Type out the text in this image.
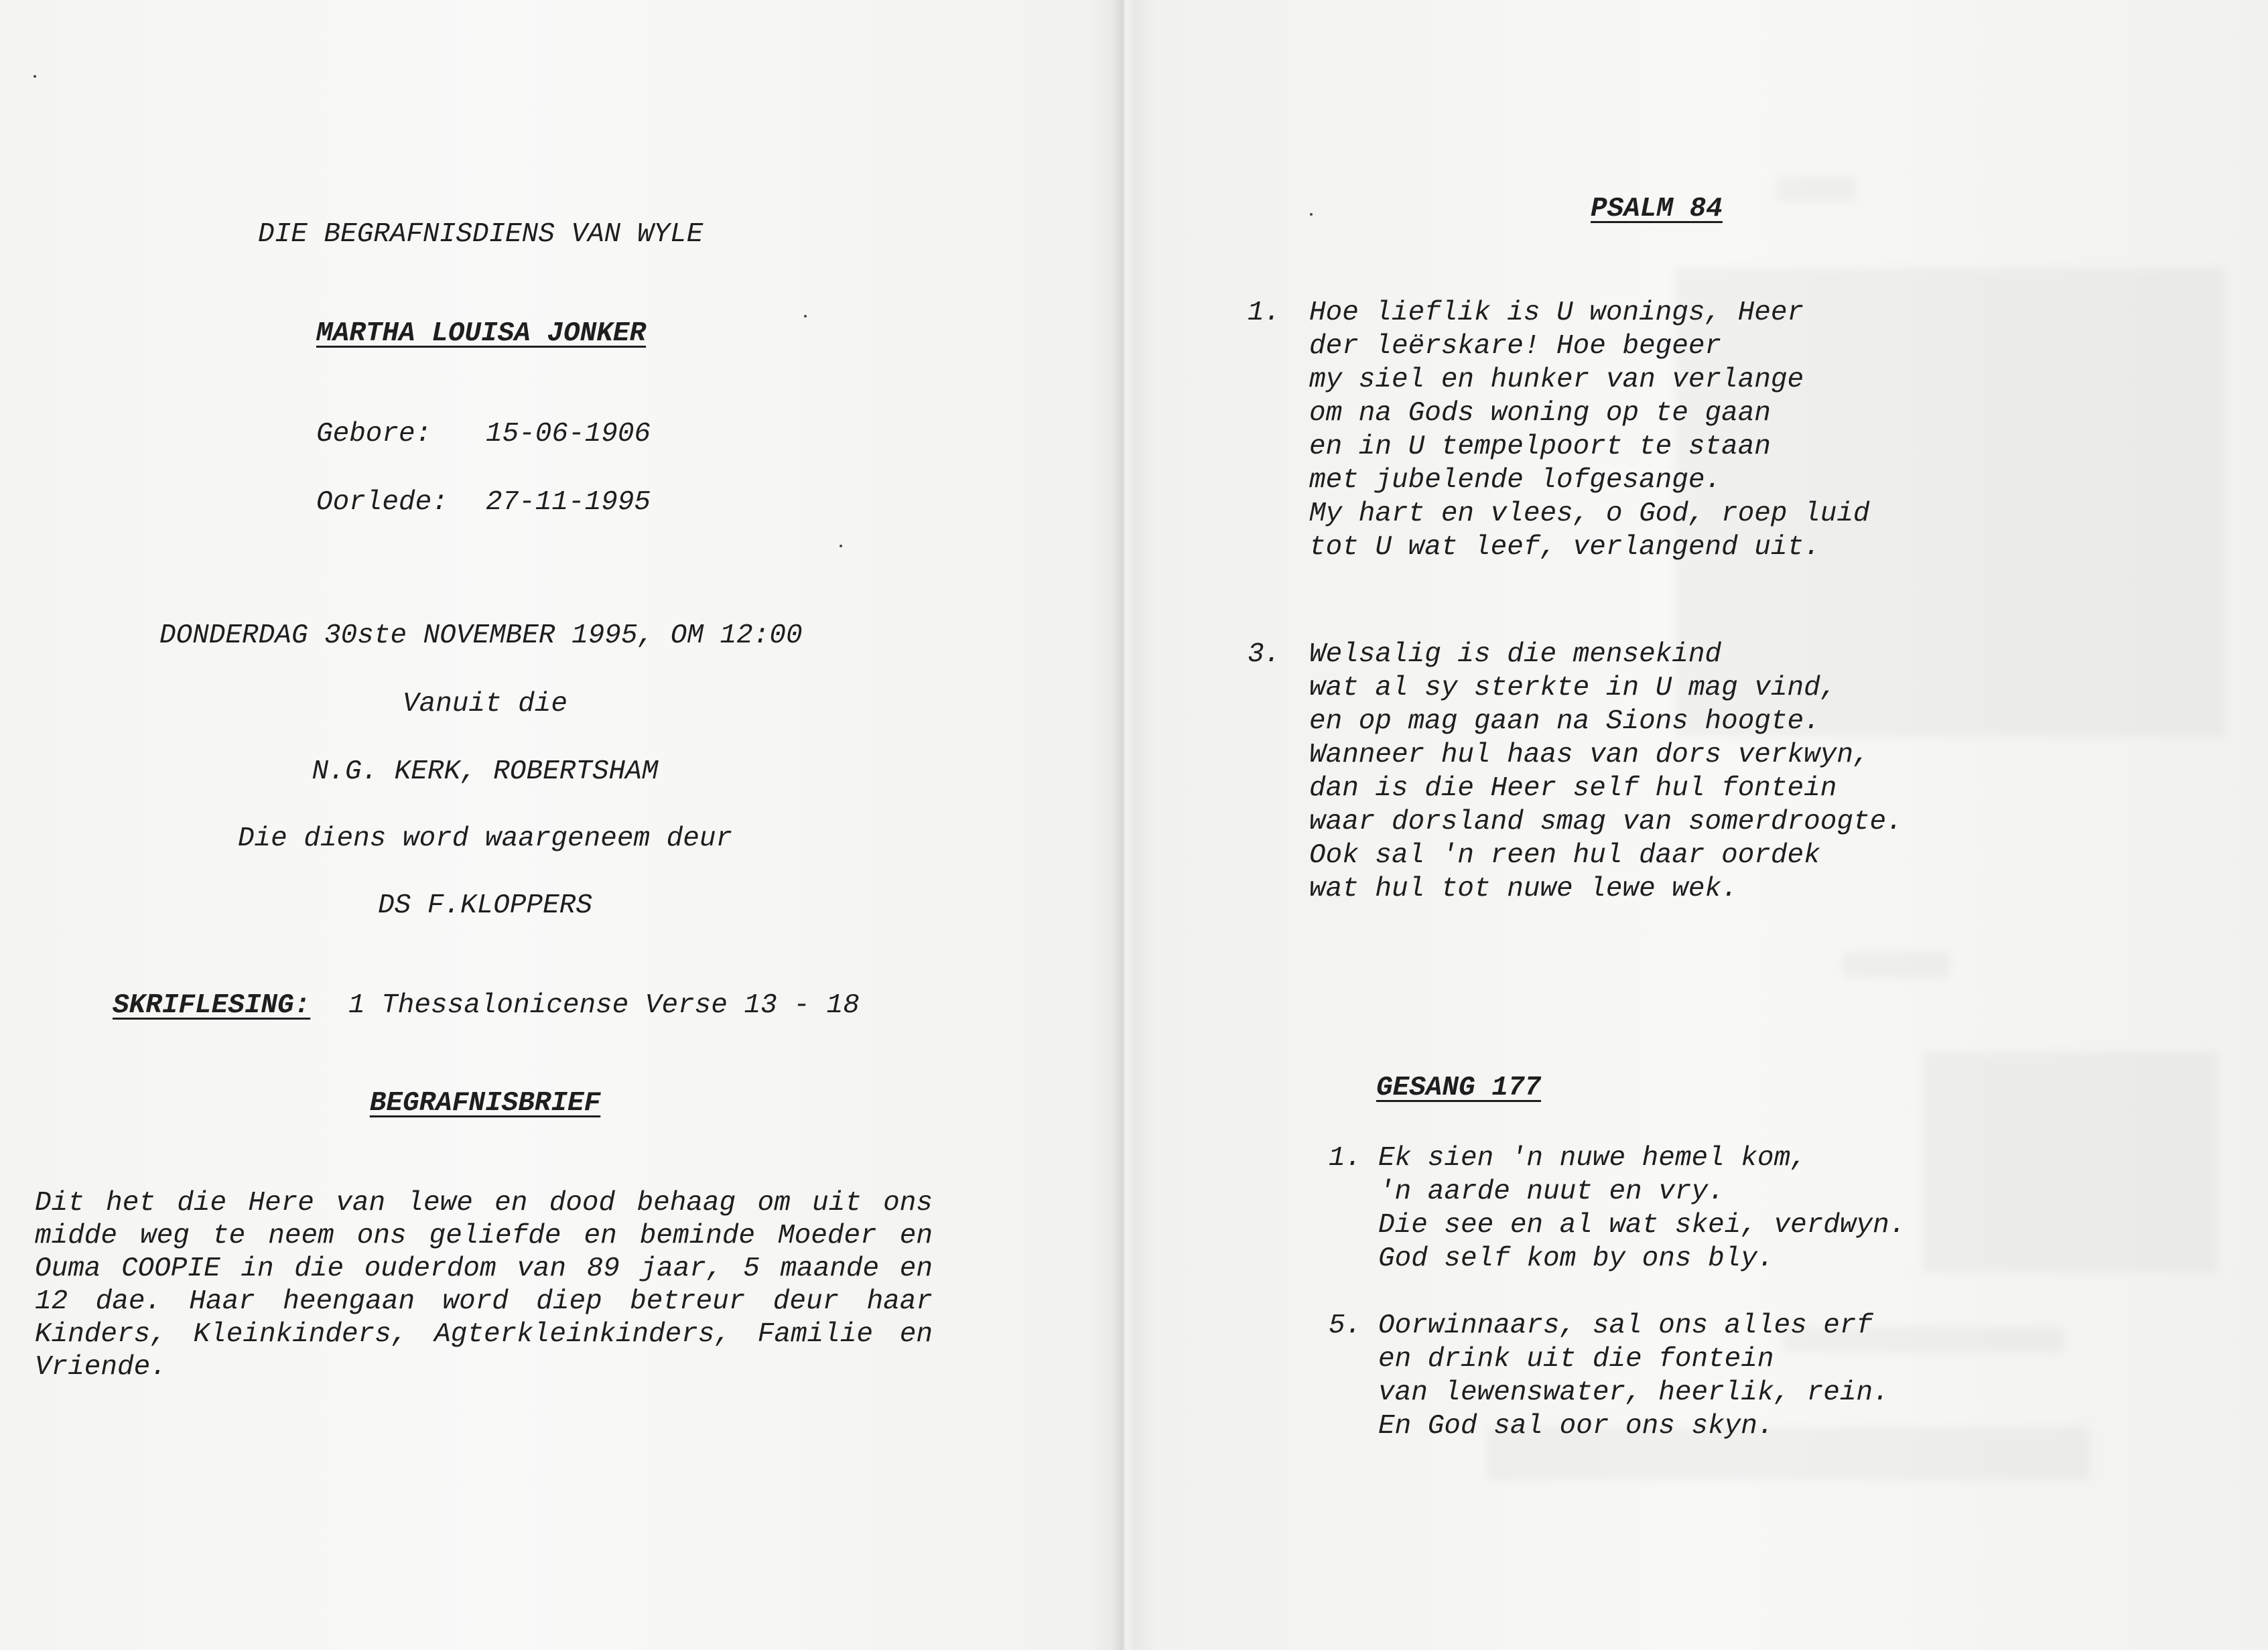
DIE BEGRAFNISDIENS VAN WYLE
MARTHA LOUISA JONKER
Gebore: 15-06-1906
Oorlede: 27-11-1995
DONDERDAG 30ste NOVEMBER 1995, OM 12:00
Vanuit die
N.G. KERK, ROBERTSHAM
Die diens word waargeneem deur
DS F.KLOPPERS
SKRIFLESING: 1 Thessalonicense Verse 13 - 18
BEGRAFNISBRIEF
Dit het die Here van lewe en dood behaag om uit ons midde weg te neem ons geliefde en beminde Moeder en Ouma COOPIE in die ouderdom van 89 jaar, 5 maande en 12 dae. Haar heengaan word diep betreur deur haar Kinders, Kleinkinders, Agterkleinkinders, Familie en Vriende.
PSALM 84
1. Hoe lieflik is U wonings, Heer
der leërskare! Hoe begeer
my siel en hunker van verlange
om na Gods woning op te gaan
en in U tempelpoort te staan
met jubelende lofgesange.
My hart en vlees, o God, roep luid
tot U wat leef, verlangend uit.
3. Welsalig is die mensekind
wat al sy sterkte in U mag vind,
en op mag gaan na Sions hoogte.
Wanneer hul haas van dors verkwyn,
dan is die Heer self hul fontein
waar dorsland smag van somerdroogte.
Ook sal 'n reen hul daar oordek
wat hul tot nuwe lewe wek.
GESANG 177
1. Ek sien 'n nuwe hemel kom,
'n aarde nuut en vry.
Die see en al wat skei, verdwyn.
God self kom by ons bly.
5. Oorwinnaars, sal ons alles erf
en drink uit die fontein
van lewenswater, heerlik, rein.
En God sal oor ons skyn.
